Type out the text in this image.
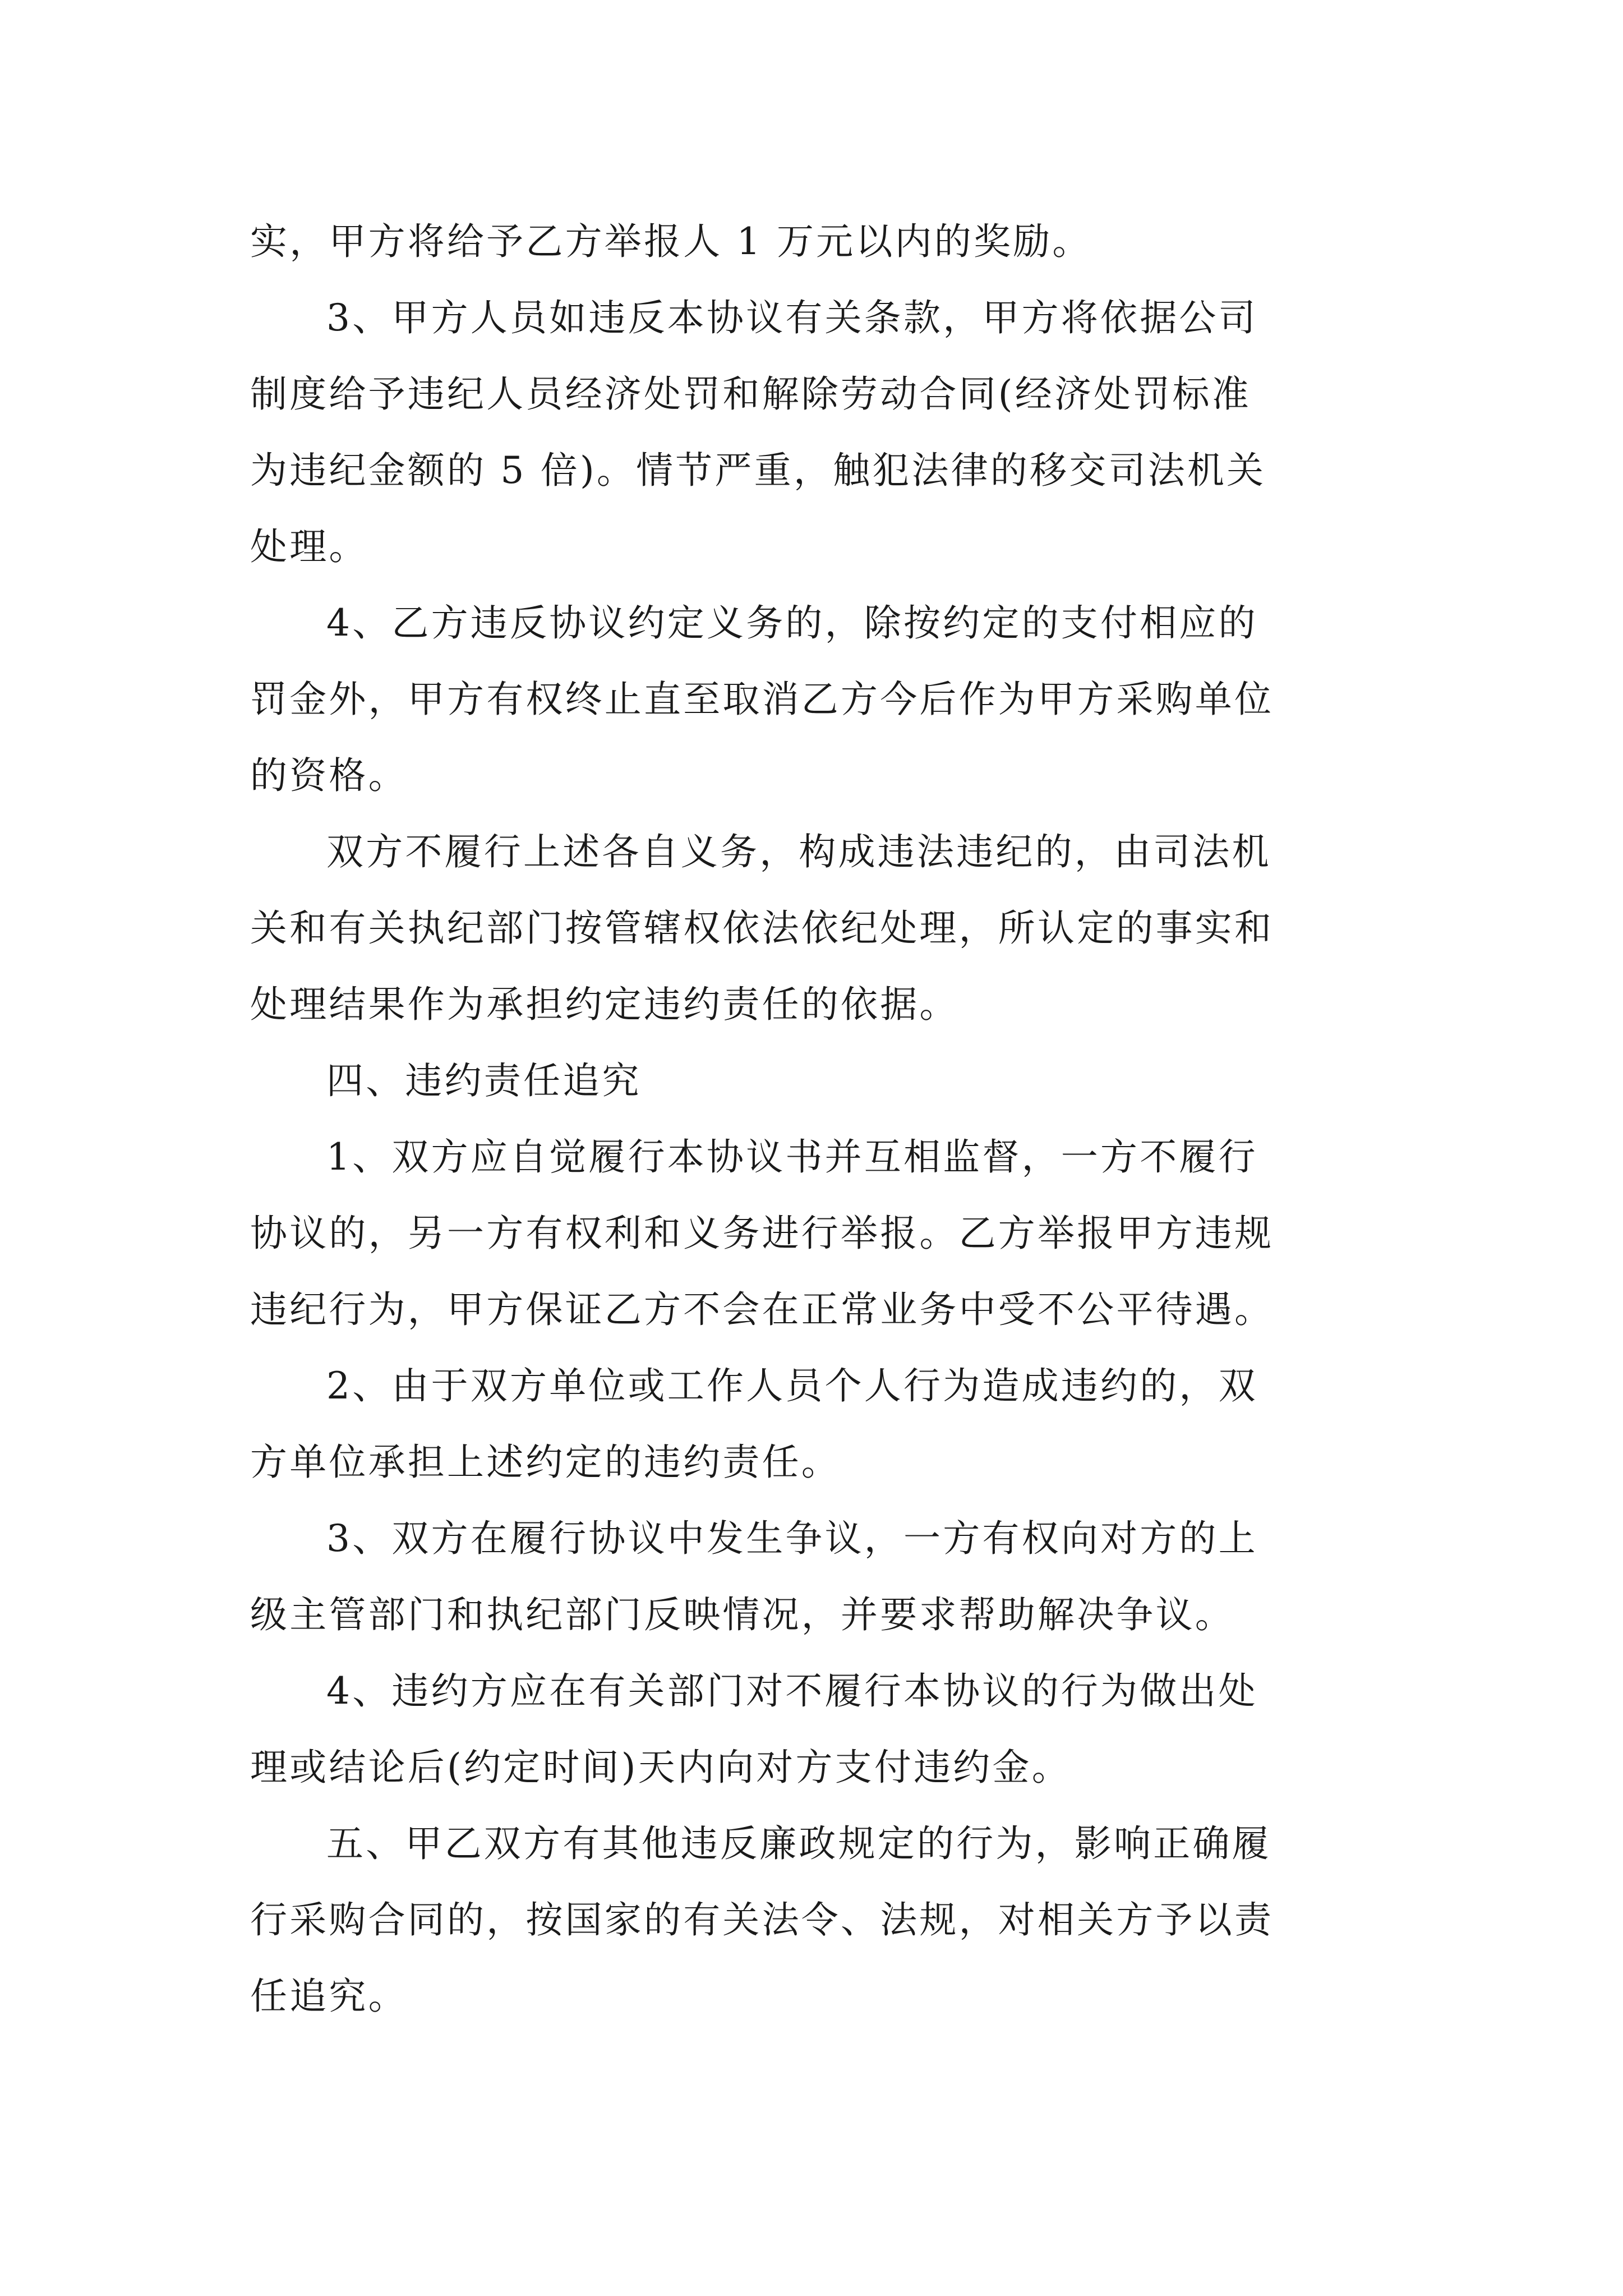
实，甲方将给予乙方举报人 1 万元以内的奖励。
3、甲方人员如违反本协议有关条款，甲方将依据公司
制度给予违纪人员经济处罚和解除劳动合同(经济处罚标准
为违纪金额的 5 倍)。情节严重，触犯法律的移交司法机关
处理。
4、乙方违反协议约定义务的，除按约定的支付相应的
罚金外，甲方有权终止直至取消乙方今后作为甲方采购单位
的资格。
双方不履行上述各自义务，构成违法违纪的，由司法机
关和有关执纪部门按管辖权依法依纪处理，所认定的事实和
处理结果作为承担约定违约责任的依据。
四、违约责任追究
1、双方应自觉履行本协议书并互相监督，一方不履行
协议的，另一方有权利和义务进行举报。乙方举报甲方违规
违纪行为，甲方保证乙方不会在正常业务中受不公平待遇。
2、由于双方单位或工作人员个人行为造成违约的，双
方单位承担上述约定的违约责任。
3、双方在履行协议中发生争议，一方有权向对方的上
级主管部门和执纪部门反映情况，并要求帮助解决争议。
4、违约方应在有关部门对不履行本协议的行为做出处
理或结论后(约定时间)天内向对方支付违约金。
五、甲乙双方有其他违反廉政规定的行为，影响正确履
行采购合同的，按国家的有关法令、法规，对相关方予以责
任追究。
